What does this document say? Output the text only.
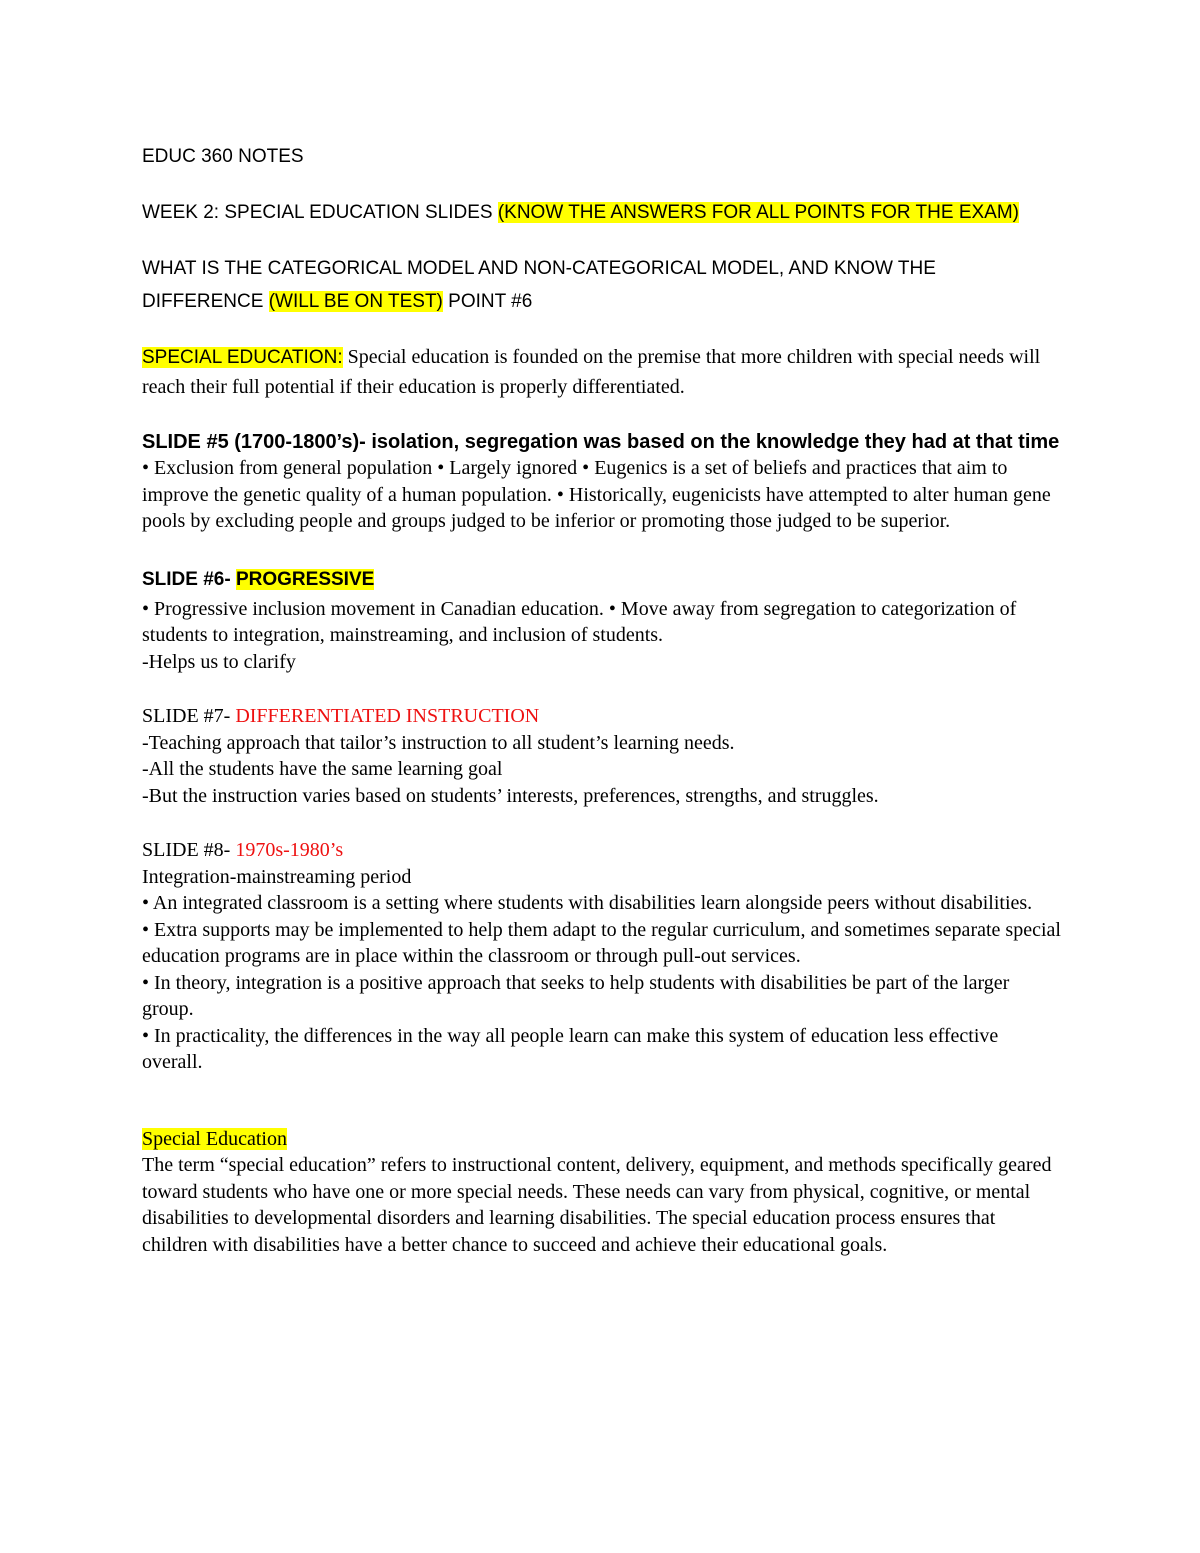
EDUC 360 NOTES

WEEK 2: SPECIAL EDUCATION SLIDES (KNOW THE ANSWERS FOR ALL POINTS FOR THE EXAM)

WHAT IS THE CATEGORICAL MODEL AND NON-CATEGORICAL MODEL, AND KNOW THE
DIFFERENCE (WILL BE ON TEST) POINT #6

SPECIAL EDUCATION: Special education is founded on the premise that more children with special needs will reach their full potential if their education is properly differentiated.

SLIDE #5 (1700-1800’s)- isolation, segregation was based on the knowledge they had at that time • Exclusion from general population • Largely ignored • Eugenics is a set of beliefs and practices that aim to improve the genetic quality of a human population. • Historically, eugenicists have attempted to alter human gene pools by excluding people and groups judged to be inferior or promoting those judged to be superior.

SLIDE #6- PROGRESSIVE

• Progressive inclusion movement in Canadian education. • Move away from segregation to categorization of students to integration, mainstreaming, and inclusion of students.

-Helps us to clarify

SLIDE #7- DIFFERENTIATED INSTRUCTION

-Teaching approach that tailor’s instruction to all student’s learning needs.

-All the students have the same learning goal

-But the instruction varies based on students’ interests, preferences, strengths, and struggles.

SLIDE #8- 1970s-1980’s

Integration-mainstreaming period

• An integrated classroom is a setting where students with disabilities learn alongside peers without disabilities.

• Extra supports may be implemented to help them adapt to the regular curriculum, and sometimes separate special education programs are in place within the classroom or through pull-out services.

• In theory, integration is a positive approach that seeks to help students with disabilities be part of the larger group.

• In practicality, the differences in the way all people learn can make this system of education less effective overall.

Special Education

The term “special education” refers to instructional content, delivery, equipment, and methods specifically geared toward students who have one or more special needs. These needs can vary from physical, cognitive, or mental disabilities to developmental disorders and learning disabilities. The special education process ensures that children with disabilities have a better chance to succeed and achieve their educational goals.
